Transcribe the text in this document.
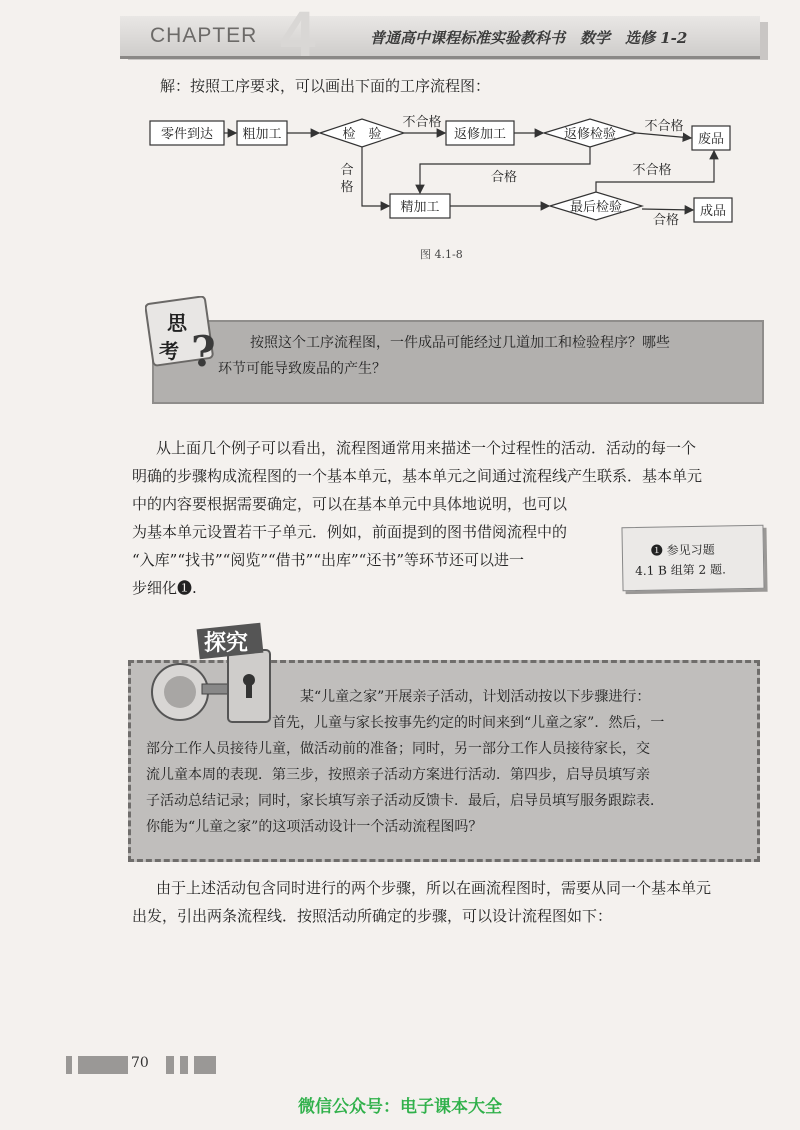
4
CHAPTER	普通高中课程标准实验教科书　数学　选修 1-2
解：按照工序要求，可以画出下面的工序流程图：
零件到达 粗加工	检　验	返修加工	返修检验	废品
精加工	最后检验	成品
不合格	不合格
不合格
合格
合格
合格
图 4.1-8
思
考 ? 按照这个工序流程图，一件成品可能经过几道加工和检验程序？哪些
环节可能导致废品的产生？
从上面几个例子可以看出，流程图通常用来描述一个过程性的活动．活动的每一个
明确的步骤构成流程图的一个基本单元，基本单元之间通过流程线产生联系．基本单元
中的内容要根据需要确定，可以在基本单元中具体地说明，也可以
为基本单元设置若干子单元．例如，前面提到的图书借阅流程中的
“入库”“找书”“阅览”“借书”“出库”“还书”等环节还可以进一
步细化❶.
❶ 参见习题
4.1 B 组第 2 题.
探究
某“儿童之家”开展亲子活动，计划活动按以下步骤进行：
首先，儿童与家长按事先约定的时间来到“儿童之家”．然后，一
部分工作人员接待儿童，做活动前的准备；同时，另一部分工作人员接待家长，交
流儿童本周的表现．第三步，按照亲子活动方案进行活动．第四步，启导员填写亲
子活动总结记录；同时，家长填写亲子活动反馈卡．最后，启导员填写服务跟踪表．
你能为“儿童之家”的这项活动设计一个活动流程图吗？
由于上述活动包含同时进行的两个步骤，所以在画流程图时，需要从同一个基本单元
出发，引出两条流程线．按照活动所确定的步骤，可以设计流程图如下：
70
微信公众号：电子课本大全
